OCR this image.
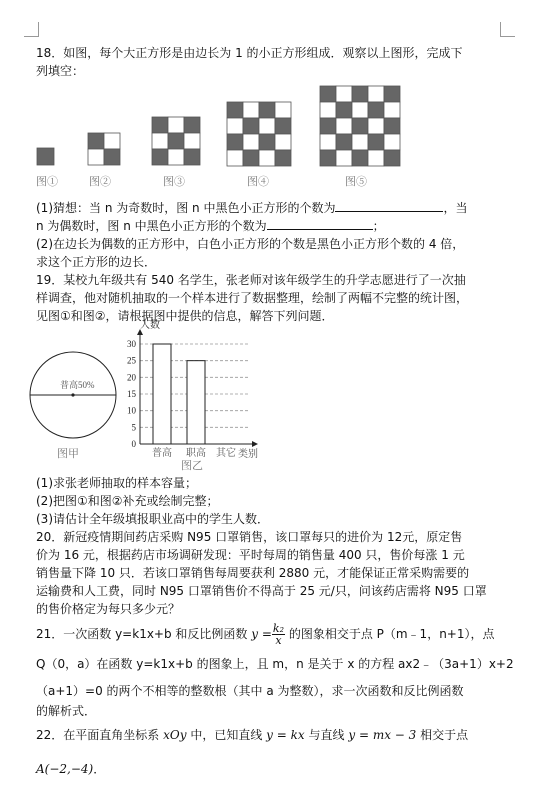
18．如图，每个大正方形是由边长为 1 的小正方形组成．观察以上图形，完成下
列填空：
图①	图②	图③	图④	图⑤
(1)猜想：当 n 为奇数时，图 n 中黑色小正方形的个数为	，当
n 为偶数时，图 n 中黑色小正方形的个数为	；
(2)在边长为偶数的正方形中，白色小正方形的个数是黑色小正方形个数的 4 倍，
求这个正方形的边长．
19．某校九年级共有 540 名学生，张老师对该年级学生的升学志愿进行了一次抽
样调查，他对随机抽取的一个样本进行了数据整理，绘制了两幅不完整的统计图，
见图①和图②，请根据图中提供的信息，解答下列问题．
普高50%
图甲
人数
0
5
10
15
20
25
30
普高 职高 其它 类别
图乙
(1)求张老师抽取的样本容量；
(2)把图①和图②补充或绘制完整；
(3)请估计全年级填报职业高中的学生人数．
20．新冠疫情期间药店采购 N95 口罩销售，该口罩每只的进价为 12元，原定售
价为 16 元，根据药店市场调研发现：平时每周的销售量 400 只，售价每涨 1 元
销售量下降 10 只．若该口罩销售每周要获利 2880 元，才能保证正常采购需要的
运输费和人工费，同时 N95 口罩销售价不得高于 25 元/只，问该药店需将 N95 口罩
的售价格定为每只多少元？
21．一次函数 y=k1x+b 和反比例函数 $y = \frac{\text{k₂}}{x}$ 的图象相交于点 P（m﹣1，n+1），点
Q（0，a）在函数 y=k1x+b 的图象上，且 m，n 是关于 x 的方程 ax2﹣（3a+1）x+2
（a+1）=0 的两个不相等的整数根（其中 a 为整数），求一次函数和反比例函数
的解析式．
22．在平面直角坐标系 xOy 中，已知直线 y = kx 与直线 y = mx − 3 相交于点
A(−2,−4)．
